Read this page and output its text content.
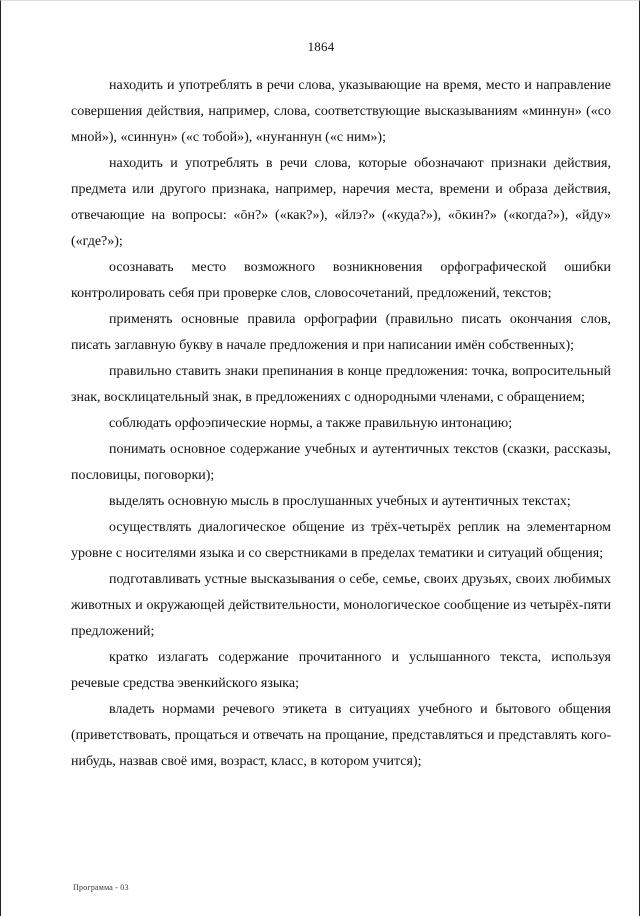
1864

находить и употреблять в речи слова, указывающие на время, место и направление совершения действия, например, слова, соответствующие высказываниям «миннун» («со мной»), «синнун» («с тобой»), «нуҥаннун («с ним»);

находить и употреблять в речи слова, которые обозначают признаки действия, предмета или другого признака, например, наречия места, времени и образа действия, отвечающие на вопросы: «ōн?» («как?»), «йлэ?» («куда?»), «ōкин?» («когда?»), «йду» («где?»);

осознавать место возможного возникновения орфографической ошибки контролировать себя при проверке слов, словосочетаний, предложений, текстов;

применять основные правила орфографии (правильно писать окончания слов, писать заглавную букву в начале предложения и при написании имён собственных);

правильно ставить знаки препинания в конце предложения: точка, вопросительный знак, восклицательный знак, в предложениях с однородными членами, с обращением;

соблюдать орфоэпические нормы, а также правильную интонацию;

понимать основное содержание учебных и аутентичных текстов (сказки, рассказы, пословицы, поговорки);

выделять основную мысль в прослушанных учебных и аутентичных текстах;

осуществлять диалогическое общение из трёх-четырёх реплик на элементарном уровне с носителями языка и со сверстниками в пределах тематики и ситуаций общения;

подготавливать устные высказывания о себе, семье, своих друзьях, своих любимых животных и окружающей действительности, монологическое сообщение из четырёх-пяти предложений;

кратко излагать содержание прочитанного и услышанного текста, используя речевые средства эвенкийского языка;

владеть нормами речевого этикета в ситуациях учебного и бытового общения (приветствовать, прощаться и отвечать на прощание, представляться и представлять кого-нибудь, назвав своё имя, возраст, класс, в котором учится);

Программа - 03
